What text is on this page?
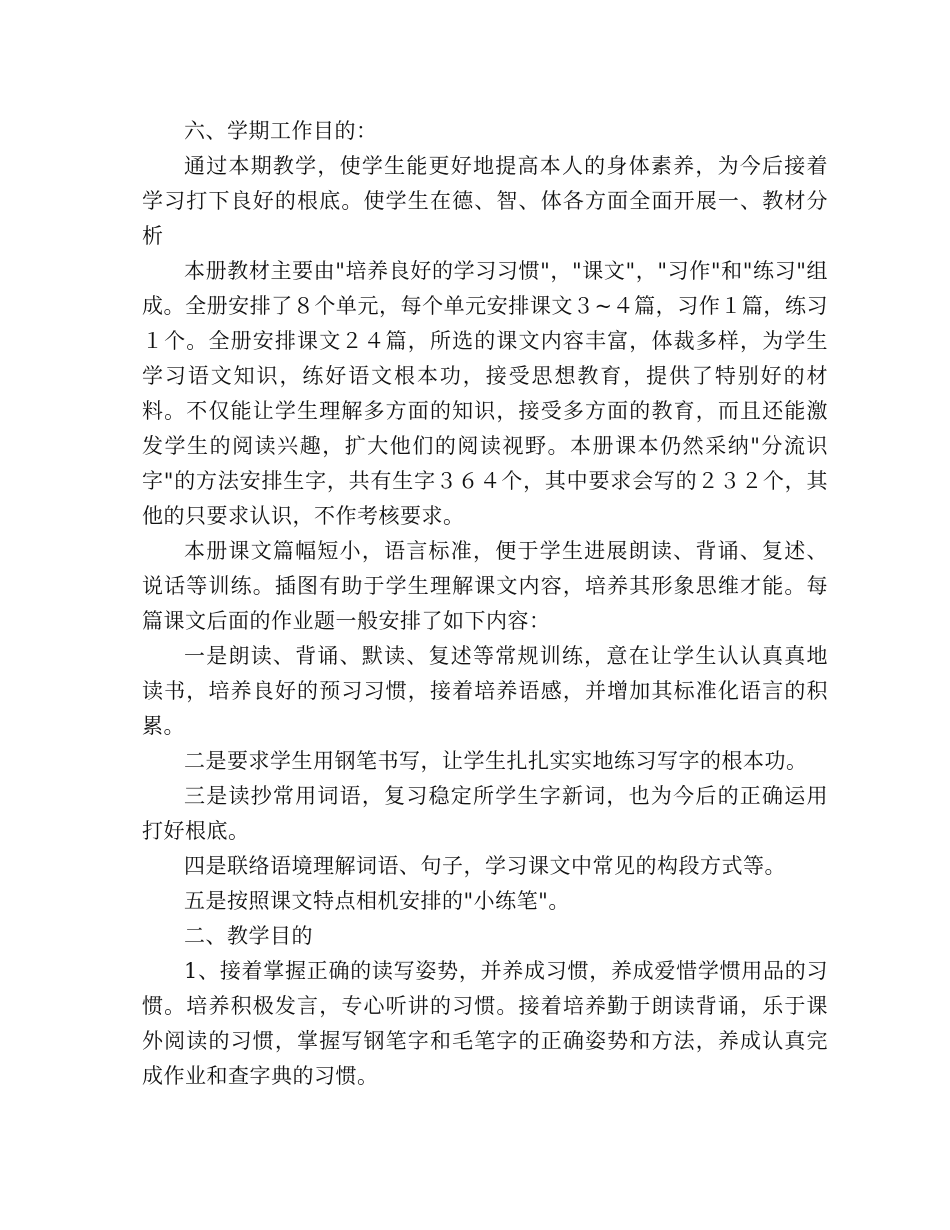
六、学期工作目的：

通过本期教学，使学生能更好地提高本人的身体素养，为今后接着学习打下良好的根底。使学生在德、智、体各方面全面开展一、教材分析

本册教材主要由"培养良好的学习习惯"，"课文"，"习作"和"练习"组成。全册安排了８个单元，每个单元安排课文３~４篇，习作１篇，练习１个。全册安排课文２４篇，所选的课文内容丰富，体裁多样，为学生学习语文知识，练好语文根本功，接受思想教育，提供了特别好的材料。不仅能让学生理解多方面的知识，接受多方面的教育，而且还能激发学生的阅读兴趣，扩大他们的阅读视野。本册课本仍然采纳"分流识字"的方法安排生字，共有生字３６４个，其中要求会写的２３２个，其他的只要求认识，不作考核要求。

本册课文篇幅短小，语言标准，便于学生进展朗读、背诵、复述、说话等训练。插图有助于学生理解课文内容，培养其形象思维才能。每篇课文后面的作业题一般安排了如下内容：

一是朗读、背诵、默读、复述等常规训练，意在让学生认认真真地读书，培养良好的预习习惯，接着培养语感，并增加其标准化语言的积累。

二是要求学生用钢笔书写，让学生扎扎实实地练习写字的根本功。

三是读抄常用词语，复习稳定所学生字新词，也为今后的正确运用打好根底。

四是联络语境理解词语、句子，学习课文中常见的构段方式等。

五是按照课文特点相机安排的"小练笔"。

二、教学目的

1、接着掌握正确的读写姿势，并养成习惯，养成爱惜学惯用品的习惯。培养积极发言，专心听讲的习惯。接着培养勤于朗读背诵，乐于课外阅读的习惯，掌握写钢笔字和毛笔字的正确姿势和方法，养成认真完成作业和查字典的习惯。
